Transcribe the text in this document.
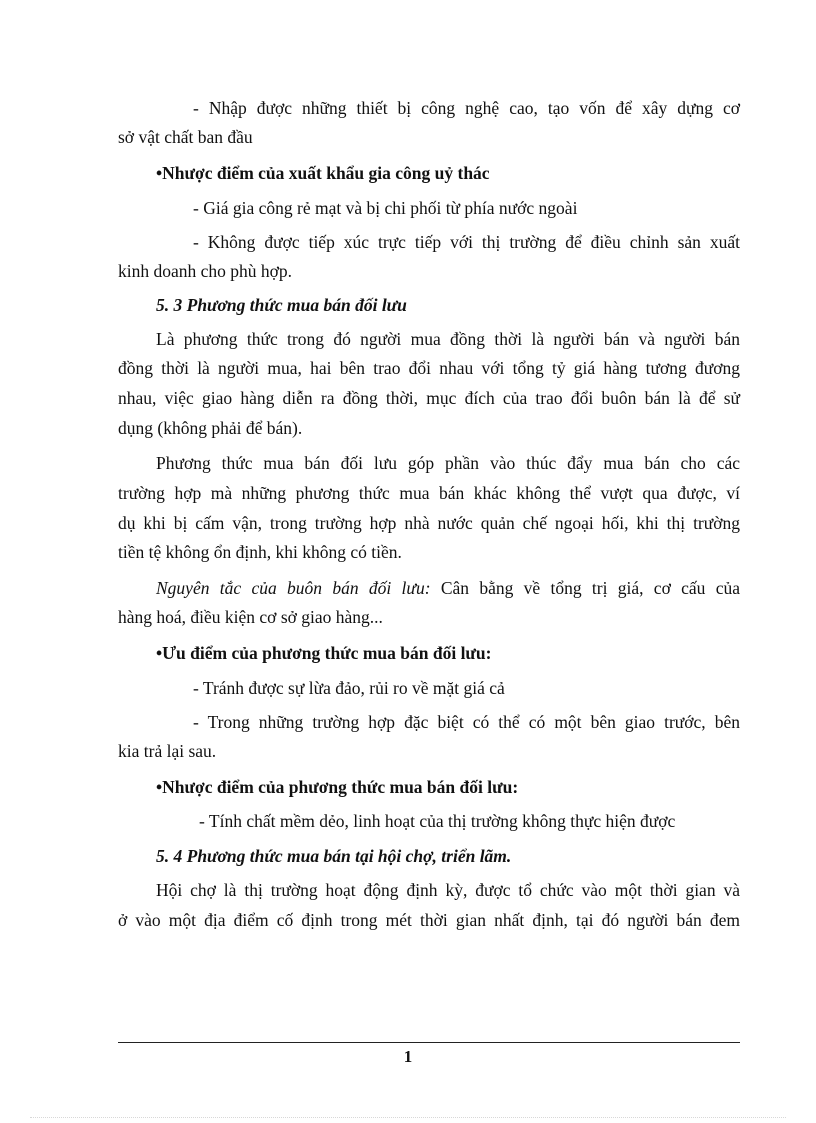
- Nhập được những thiết bị công nghệ cao, tạo vốn để xây dựng cơ
sở vật chất ban đầu
•Nhược điểm của xuất khẩu gia công uỷ thác
- Giá gia công rẻ mạt và bị chi phối từ phía nước ngoài
- Không được tiếp xúc trực tiếp với thị trường để điều chỉnh sản xuất
kinh doanh cho phù hợp.
5. 3 Phương thức mua bán đối lưu
Là phương thức trong đó người mua đồng thời là người bán và người bán
đồng thời là người mua, hai bên trao đổi nhau với tổng tỷ giá hàng tương đương
nhau, việc giao hàng diễn ra đồng thời, mục đích của trao đổi buôn bán là để sử
dụng (không phải để bán).
Phương thức mua bán đối lưu góp phần vào thúc đẩy mua bán cho các
trường hợp mà những phương thức mua bán khác không thể vượt qua được, ví
dụ khi bị cấm vận, trong trường hợp nhà nước quản chế ngoại hối, khi thị trường
tiền tệ không ổn định, khi không có tiền.
Nguyên tắc của buôn bán đối lưu: Cân bằng về tổng trị giá, cơ cấu của
hàng hoá, điều kiện cơ sở giao hàng...
•Ưu điểm của phương thức mua bán đối lưu:
- Tránh được sự lừa đảo, rủi ro về mặt giá cả
- Trong những trường hợp đặc biệt có thể có một bên giao trước, bên
kia trả lại sau.
•Nhược điểm của phương thức mua bán đối lưu:
- Tính chất mềm dẻo, linh hoạt của thị trường không thực hiện được
5. 4 Phương thức mua bán tại hội chợ, triển lãm.
Hội chợ là thị trường hoạt động định kỳ, được tổ chức vào một thời gian và
ở vào một địa điểm cố định trong mét thời gian nhất định, tại đó người bán đem
1
